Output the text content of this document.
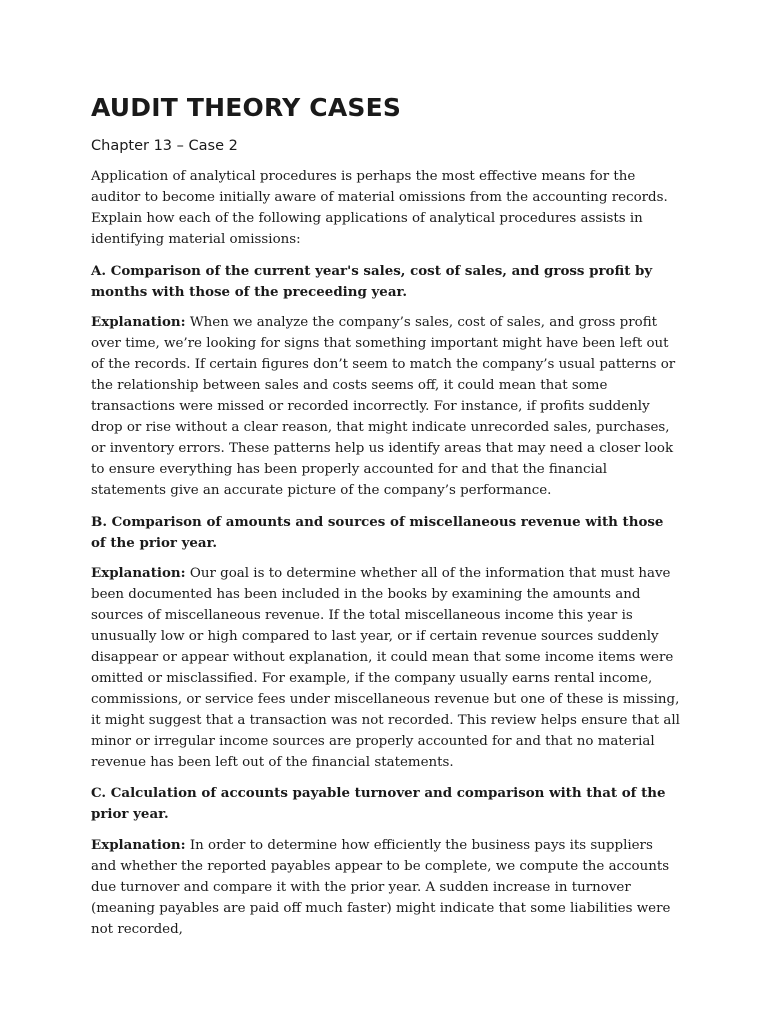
AUDIT THEORY CASES
Chapter 13 – Case 2

Application of analytical procedures is perhaps the most effective means for the auditor to become initially aware of material omissions from the accounting records. Explain how each of the following applications of analytical procedures assists in identifying material omissions:

A. Comparison of the current year's sales, cost of sales, and gross profit by months with those of the preceeding year.

Explanation: When we analyze the company’s sales, cost of sales, and gross profit over time, we’re looking for signs that something important might have been left out of the records. If certain figures don’t seem to match the company’s usual patterns or the relationship between sales and costs seems off, it could mean that some transactions were missed or recorded incorrectly. For instance, if profits suddenly drop or rise without a clear reason, that might indicate unrecorded sales, purchases, or inventory errors. These patterns help us identify areas that may need a closer look to ensure everything has been properly accounted for and that the financial statements give an accurate picture of the company’s performance.

B. Comparison of amounts and sources of miscellaneous revenue with those of the prior year.

Explanation: Our goal is to determine whether all of the information that must have been documented has been included in the books by examining the amounts and sources of miscellaneous revenue. If the total miscellaneous income this year is unusually low or high compared to last year, or if certain revenue sources suddenly disappear or appear without explanation, it could mean that some income items were omitted or misclassified. For example, if the company usually earns rental income, commissions, or service fees under miscellaneous revenue but one of these is missing, it might suggest that a transaction was not recorded. This review helps ensure that all minor or irregular income sources are properly accounted for and that no material revenue has been left out of the financial statements.

C. Calculation of accounts payable turnover and comparison with that of the prior year.

Explanation: In order to determine how efficiently the business pays its suppliers and whether the reported payables appear to be complete, we compute the accounts due turnover and compare it with the prior year. A sudden increase in turnover (meaning payables are paid off much faster) might indicate that some liabilities were not recorded,
